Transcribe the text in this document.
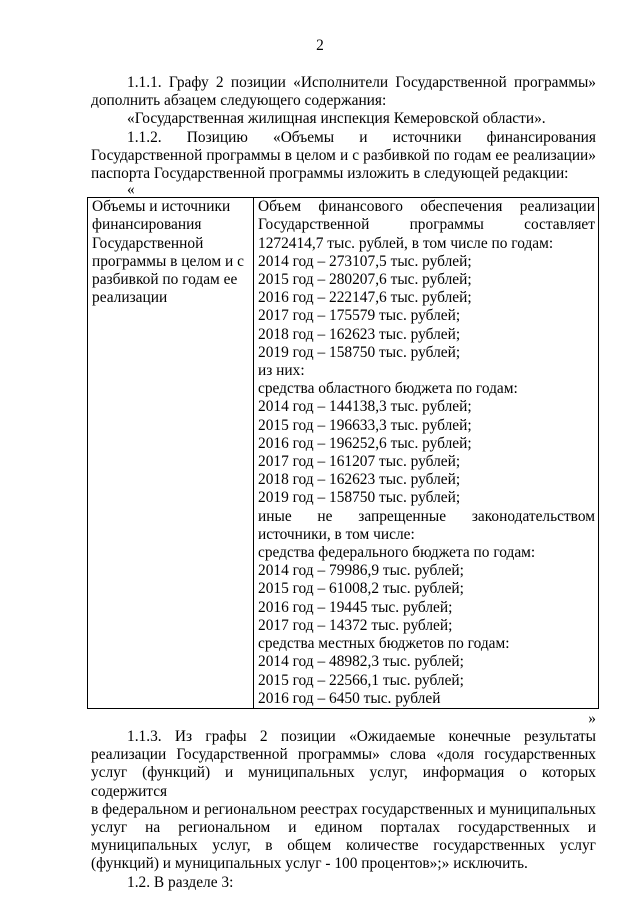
2

1.1.1. Графу 2 позиции «Исполнители Государственной программы»

дополнить абзацем следующего содержания:

«Государственная жилищная инспекция Кемеровской области».

1.1.2. Позицию «Объемы и источники финансирования

Государственной программы в целом и с разбивкой по годам ее реализации»

паспорта Государственной программы изложить в следующей редакции:

«

Объемы и источники финансирования Государственной программы в целом и с разбивкой по годам ее реализации	
Объем финансового обеспечения реализации
Государственной программы составляет
1272414,7 тыс. рублей, в том числе по годам:
2014 год – 273107,5 тыс. рублей;
2015 год – 280207,6 тыс. рублей;
2016 год – 222147,6 тыс. рублей;
2017 год – 175579 тыс. рублей;
2018 год – 162623 тыс. рублей;
2019 год – 158750 тыс. рублей;
из них:
средства областного бюджета по годам:
2014 год – 144138,3 тыс. рублей;
2015 год – 196633,3 тыс. рублей;
2016 год – 196252,6 тыс. рублей;
2017 год – 161207 тыс. рублей;
2018 год – 162623 тыс. рублей;
2019 год – 158750 тыс. рублей;
иные не запрещенные законодательством
источники, в том числе:
средства федерального бюджета по годам:
2014 год – 79986,9 тыс. рублей;
2015 год – 61008,2 тыс. рублей;
2016 год – 19445 тыс. рублей;
2017 год – 14372 тыс. рублей;
средства местных бюджетов по годам:
2014 год – 48982,3 тыс. рублей;
2015 год – 22566,1 тыс. рублей;
2016 год – 6450 тыс. рублей

»

1.1.3. Из графы 2 позиции «Ожидаемые конечные результаты

реализации Государственной программы» слова «доля государственных

услуг (функций) и муниципальных услуг, информация о которых содержится

в федеральном и региональном реестрах государственных и муниципальных

услуг на региональном и едином порталах государственных и

муниципальных услуг, в общем количестве государственных услуг

(функций) и муниципальных услуг - 100 процентов»;» исключить.

1.2. В разделе 3:
